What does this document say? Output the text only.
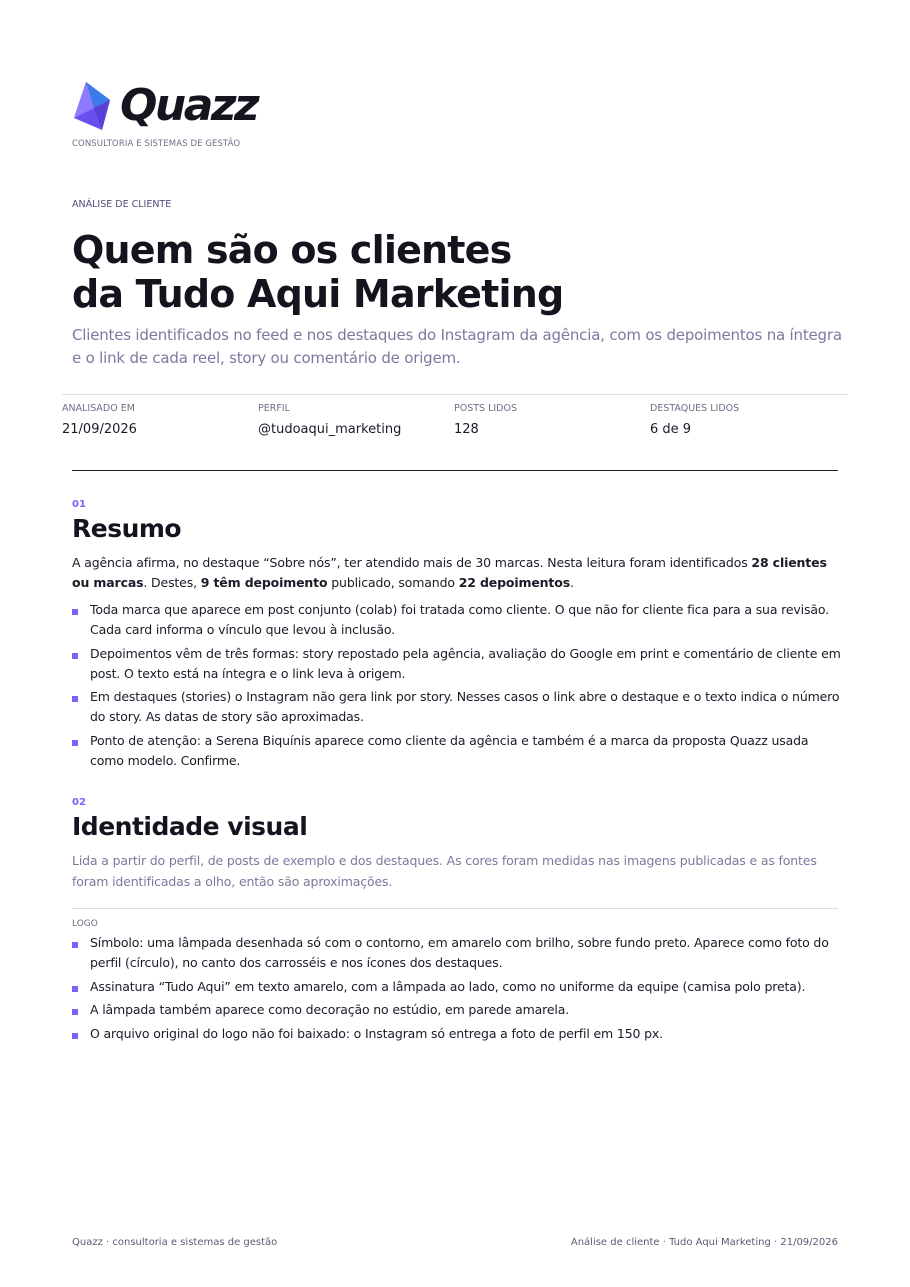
Quazz
CONSULTORIA E SISTEMAS DE GESTÃO
ANÁLISE DE CLIENTE
Quem são os clientes
da Tudo Aqui Marketing

Clientes identificados no feed e nos destaques do Instagram da agência, com os depoimentos na íntegra e o link de cada reel, story ou comentário de origem.

ANALISADO EM
21/09/2026
PERFIL
@tudoaqui_marketing
POSTS LIDOS
128
DESTAQUES LIDOS
6 de 9
01
Resumo

A agência afirma, no destaque “Sobre nós”, ter atendido mais de 30 marcas. Nesta leitura foram identificados 28 clientes ou marcas. Destes, 9 têm depoimento publicado, somando 22 depoimentos.

Toda marca que aparece em post conjunto (colab) foi tratada como cliente. O que não for cliente fica para a sua revisão. Cada card informa o vínculo que levou à inclusão.
Depoimentos vêm de três formas: story repostado pela agência, avaliação do Google em print e comentário de cliente em post. O texto está na íntegra e o link leva à origem.
Em destaques (stories) o Instagram não gera link por story. Nesses casos o link abre o destaque e o texto indica o número do story. As datas de story são aproximadas.
Ponto de atenção: a Serena Biquínis aparece como cliente da agência e também é a marca da proposta Quazz usada como modelo. Confirme.
02
Identidade visual

Lida a partir do perfil, de posts de exemplo e dos destaques. As cores foram medidas nas imagens publicadas e as fontes foram identificadas a olho, então são aproximações.

LOGO
Símbolo: uma lâmpada desenhada só com o contorno, em amarelo com brilho, sobre fundo preto. Aparece como foto do perfil (círculo), no canto dos carrosséis e nos ícones dos destaques.
Assinatura “Tudo Aqui” em texto amarelo, com a lâmpada ao lado, como no uniforme da equipe (camisa polo preta).
A lâmpada também aparece como decoração no estúdio, em parede amarela.
O arquivo original do logo não foi baixado: o Instagram só entrega a foto de perfil em 150 px.
Quazz · consultoria e sistemas de gestão	Análise de cliente · Tudo Aqui Marketing · 21/09/2026
